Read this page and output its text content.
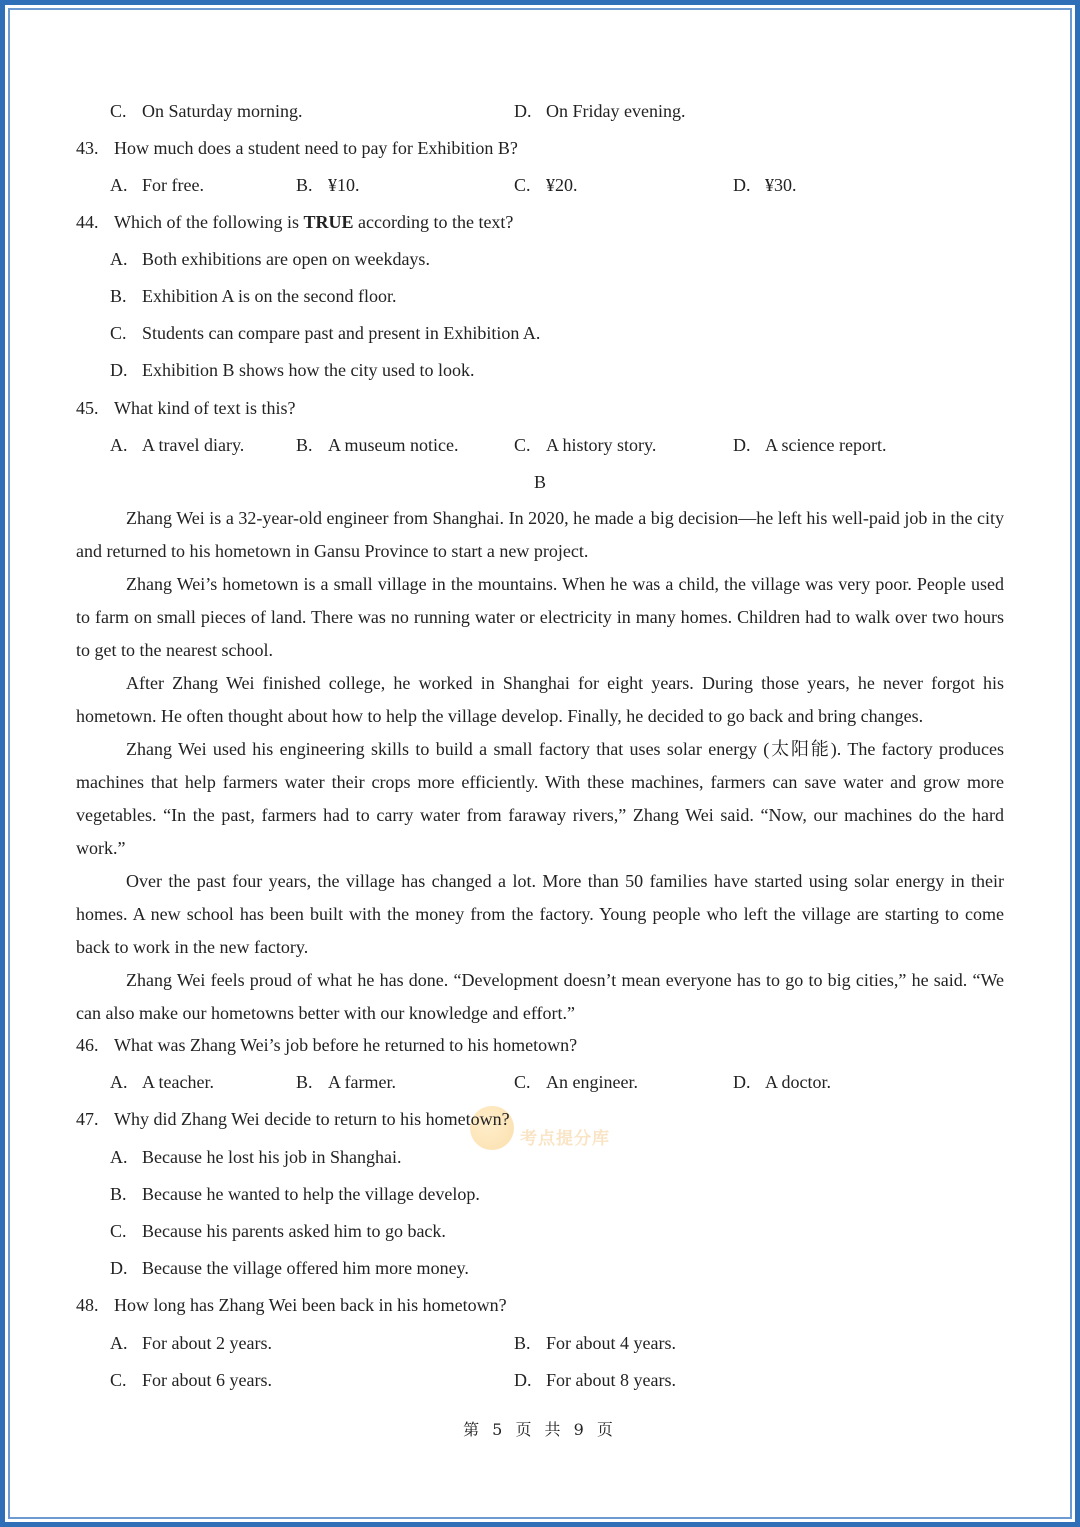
C. On Saturday morning.	D. On Friday evening.
43. How much does a student need to pay for Exhibition B?
A. For free.	B. ¥10.	C. ¥20.	D. ¥30.
44. Which of the following is TRUE according to the text?
A. Both exhibitions are open on weekdays.
B. Exhibition A is on the second floor.
C. Students can compare past and present in Exhibition A.
D. Exhibition B shows how the city used to look.
45. What kind of text is this?
A. A travel diary.	B. A museum notice.	C. A history story.	D. A science report.
B

Zhang Wei is a 32-year-old engineer from Shanghai. In 2020, he made a big decision—he left his well-paid job in the city and returned to his hometown in Gansu Province to start a new project.

Zhang Wei’s hometown is a small village in the mountains. When he was a child, the village was very poor. People used to farm on small pieces of land. There was no running water or electricity in many homes. Children had to walk over two hours to get to the nearest school.

After Zhang Wei finished college, he worked in Shanghai for eight years. During those years, he never forgot his hometown. He often thought about how to help the village develop. Finally, he decided to go back and bring changes.

Zhang Wei used his engineering skills to build a small factory that uses solar energy (太阳能). The factory produces machines that help farmers water their crops more efficiently. With these machines, farmers can save water and grow more vegetables. “In the past, farmers had to carry water from faraway rivers,” Zhang Wei said. “Now, our machines do the hard work.”

Over the past four years, the village has changed a lot. More than 50 families have started using solar energy in their homes. A new school has been built with the money from the factory. Young people who left the village are starting to come back to work in the new factory.

Zhang Wei feels proud of what he has done. “Development doesn’t mean everyone has to go to big cities,” he said. “We can also make our hometowns better with our knowledge and effort.”

46. What was Zhang Wei’s job before he returned to his hometown?
A. A teacher.	B. A farmer.	C. An engineer.	D. A doctor.
考点提分库
47. Why did Zhang Wei decide to return to his hometown?
A. Because he lost his job in Shanghai.
B. Because he wanted to help the village develop.
C. Because his parents asked him to go back.
D. Because the village offered him more money.
48. How long has Zhang Wei been back in his hometown?
A. For about 2 years.	B. For about 4 years.
C. For about 6 years.	D. For about 8 years.
第 5 页 共 9 页
